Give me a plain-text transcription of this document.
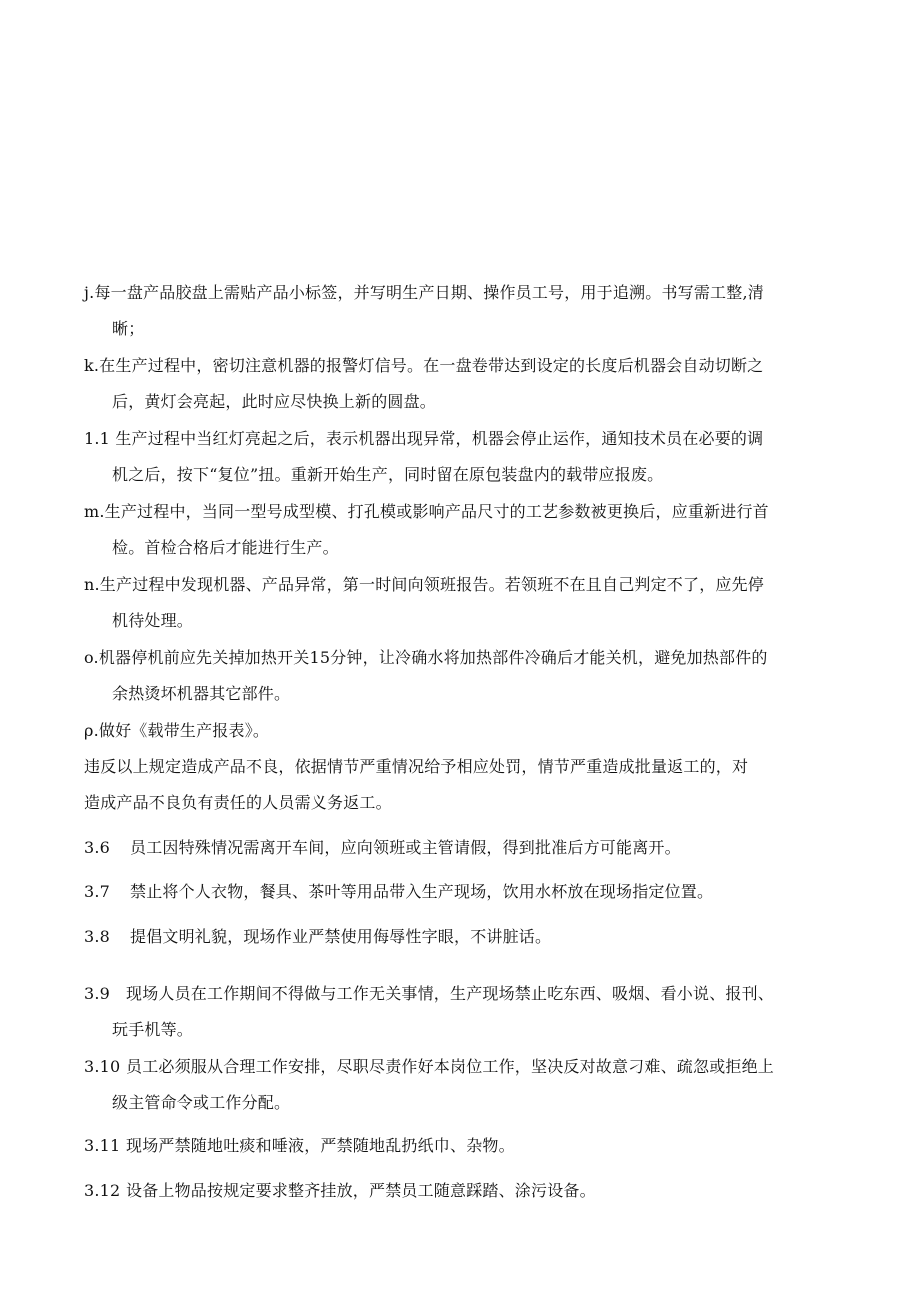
j.每一盘产品胶盘上需贴产品小标签，并写明生产日期、操作员工号，用于追溯。书写需工整,清
晰；
k.在生产过程中，密切注意机器的报警灯信号。在一盘卷带达到设定的长度后机器会自动切断之
后，黄灯会亮起，此时应尽快换上新的圆盘。
1.1 生产过程中当红灯亮起之后，表示机器出现异常，机器会停止运作，通知技术员在必要的调
机之后，按下“复位”扭。重新开始生产，同时留在原包装盘内的载带应报废。
m.生产过程中，当同一型号成型模、打孔模或影响产品尺寸的工艺参数被更换后，应重新进行首
检。首检合格后才能进行生产。
n.生产过程中发现机器、产品异常，第一时间向领班报告。若领班不在且自己判定不了，应先停
机待处理。
o.机器停机前应先关掉加热开关15分钟，让冷确水将加热部件冷确后才能关机，避免加热部件的
余热烫坏机器其它部件。
ρ.做好《载带生产报表》。
违反以上规定造成产品不良，依据情节严重情况给予相应处罚，情节严重造成批量返工的，对
造成产品不良负有责任的人员需义务返工。
3.6 员工因特殊情况需离开车间，应向领班或主管请假，得到批准后方可能离开。
3.7 禁止将个人衣物，餐具、茶叶等用品带入生产现场，饮用水杯放在现场指定位置。
3.8 提倡文明礼貌，现场作业严禁使用侮辱性字眼，不讲脏话。
3.9 现场人员在工作期间不得做与工作无关事情，生产现场禁止吃东西、吸烟、看小说、报刊、
玩手机等。
3.10 员工必须服从合理工作安排，尽职尽责作好本岗位工作，坚决反对故意刁难、疏忽或拒绝上
级主管命令或工作分配。
3.11 现场严禁随地吐痰和唾液，严禁随地乱扔纸巾、杂物。
3.12 设备上物品按规定要求整齐挂放，严禁员工随意踩踏、涂污设备。
